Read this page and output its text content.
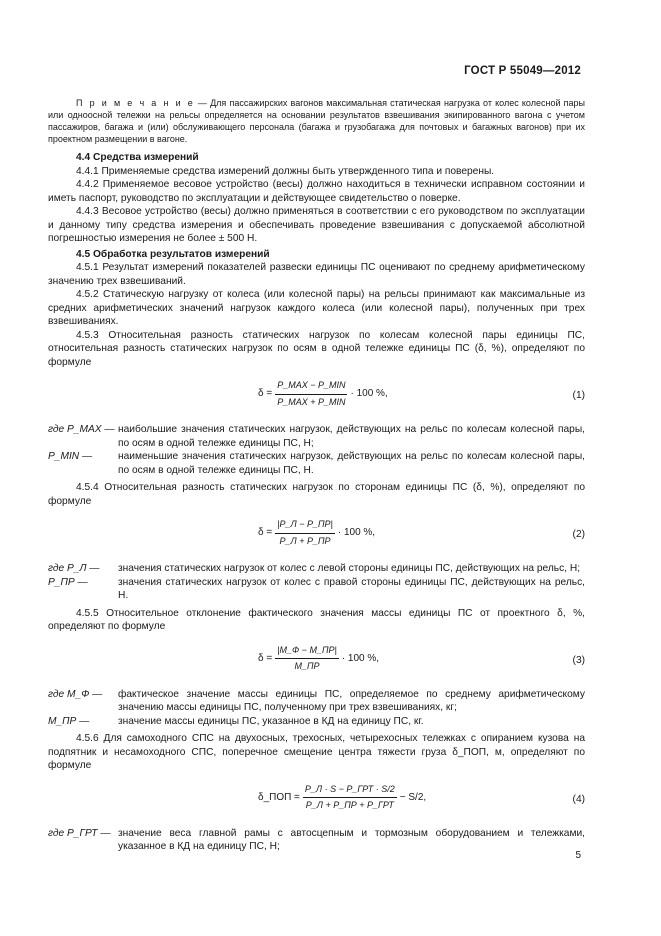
ГОСТ Р 55049—2012

П р и м е ч а н и е — Для пассажирских вагонов максимальная статическая нагрузка от колес колесной пары или одноосной тележки на рельсы определяется на основании результатов взвешивания экипированного вагона с учетом пассажиров, багажа и (или) обслуживающего персонала (багажа и грузобагажа для почтовых и багажных вагонов) при их проектном размещении в вагоне.

4.4 Средства измерений

4.4.1 Применяемые средства измерений должны быть утвержденного типа и поверены.

4.4.2 Применяемое весовое устройство (весы) должно находиться в технически исправном состоянии и иметь паспорт, руководство по эксплуатации и действующее свидетельство о поверке.

4.4.3 Весовое устройство (весы) должно применяться в соответствии с его руководством по эксплуатации и данному типу средства измерения и обеспечивать проведение взвешивания с допускаемой абсолютной погрешностью измерения не более ± 500 Н.

4.5 Обработка результатов измерений

4.5.1 Результат измерений показателей развески единицы ПС оценивают по среднему арифметическому значению трех взвешиваний.

4.5.2 Статическую нагрузку от колеса (или колесной пары) на рельсы принимают как максимальные из средних арифметических значений нагрузок каждого колеса (или колесной пары), полученных при трех взвешиваниях.

4.5.3 Относительная разность статических нагрузок по колесам колесной пары единицы ПС, относительная разность статических нагрузок по осям в одной тележке единицы ПС (δ, %), определяют по формуле

$\delta = \frac{\text{P\_MAX − P\_MIN}}{\text{P\_MAX + P\_MIN}} \cdot 100$ %,	(1)
где P_MAX — наибольшие значения статических нагрузок, действующих на рельс по колесам колесной пары, по осям в одной тележке единицы ПС, Н;
P_MIN —	наименьшие значения статических нагрузок, действующих на рельс по колесам колесной пары, по осям в одной тележке единицы ПС, Н.

4.5.4 Относительная разность статических нагрузок по сторонам единицы ПС (δ, %), определяют по формуле

$\delta = \frac{|P\_Л - P\_ПР|}{P\_Л + P\_ПР} \cdot 100$ %,	(2)
где P_Л —	значения статических нагрузок от колес с левой стороны единицы ПС, действующих на рельс, Н;
P_ПР —	значения статических нагрузок от колес с правой стороны единицы ПС, действующих на рельс, Н.

4.5.5 Относительное отклонение фактического значения массы единицы ПС от проектного δ, %, определяют по формуле

$\delta = \frac{|M\_Ф - M\_ПР|}{M\_ПР} \cdot 100$ %,	(3)
где M_Ф —	фактическое значение массы единицы ПС, определяемое по среднему арифметическому значению массы единицы ПС, полученному при трех взвешиваниях, кг;
M_ПР —	значение массы единицы ПС, указанное в КД на единицу ПС, кг.

4.5.6 Для самоходного СПС на двухосных, трехосных, четырехосных тележках с опиранием кузова на подпятник и несамоходного СПС, поперечное смещение центра тяжести груза δ_ПОП, м, определяют по формуле

δ_ПОП = $\frac{\text{P\_Л · S − P\_ГРТ · S/2}}{\text{P\_Л + P\_ПР + P\_ГРТ}} - S/2$,	(4)
где P_ГРТ — значение веса главной рамы с автосцепным и тормозным оборудованием и тележками, указанное в КД на единицу ПС, Н;
5
